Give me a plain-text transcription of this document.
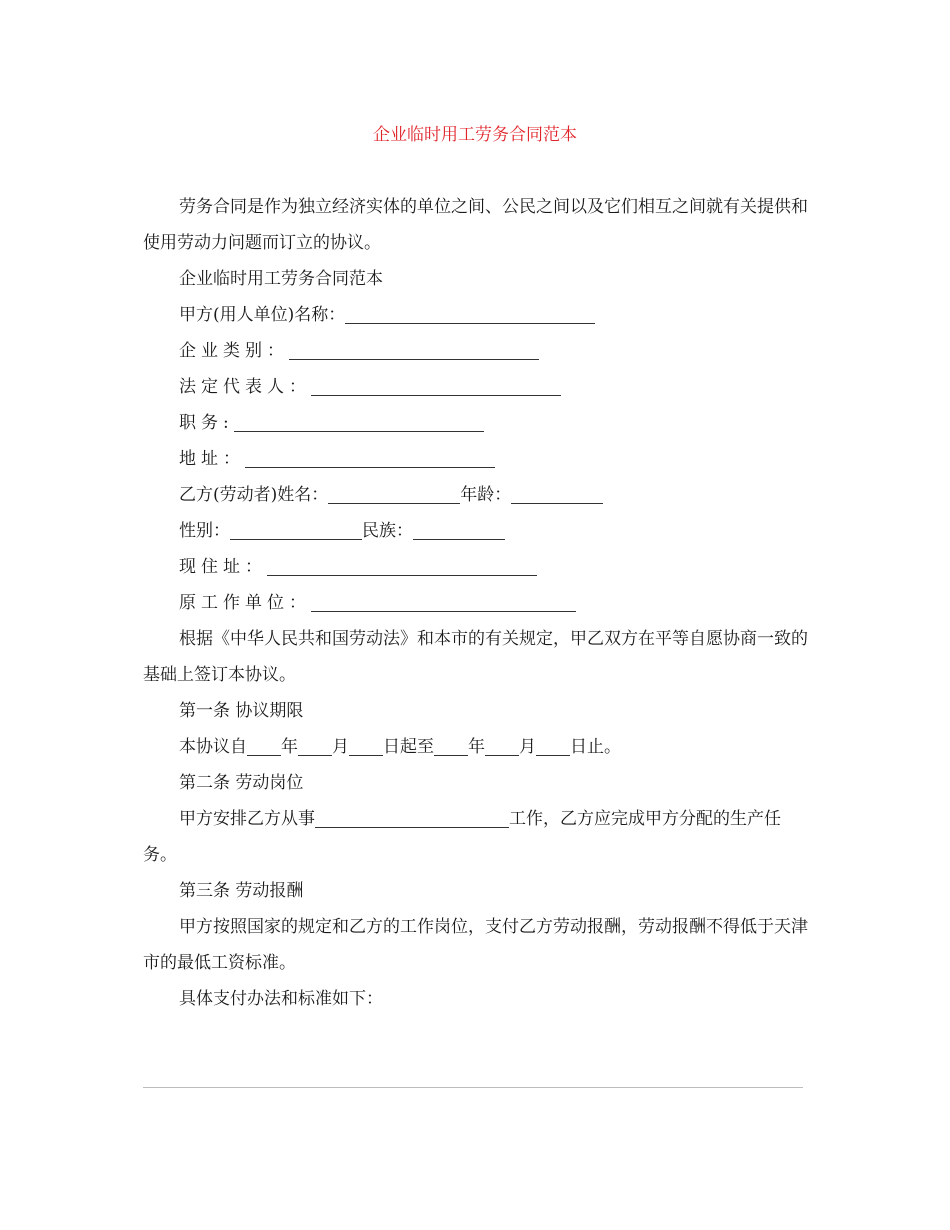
企业临时用工劳务合同范本

劳务合同是作为独立经济实体的单位之间、公民之间以及它们相互之间就有关提供和使用劳动力问题而订立的协议。

企业临时用工劳务合同范本

甲方(用人单位)名称：

企业类别：

法定代表人：

职务:

地址：

乙方(劳动者)姓名：	年龄：

性别：	民族：

现住址：

原工作单位：

根据《中华人民共和国劳动法》和本市的有关规定，甲乙双方在平等自愿协商一致的基础上签订本协议。

第一条 协议期限

本协议自 年 月 日起至 年 月 日止。

第二条 劳动岗位

甲方安排乙方从事	工作，乙方应完成甲方分配的生产任务。

第三条 劳动报酬

甲方按照国家的规定和乙方的工作岗位，支付乙方劳动报酬，劳动报酬不得低于天津市的最低工资标准。

具体支付办法和标准如下：
